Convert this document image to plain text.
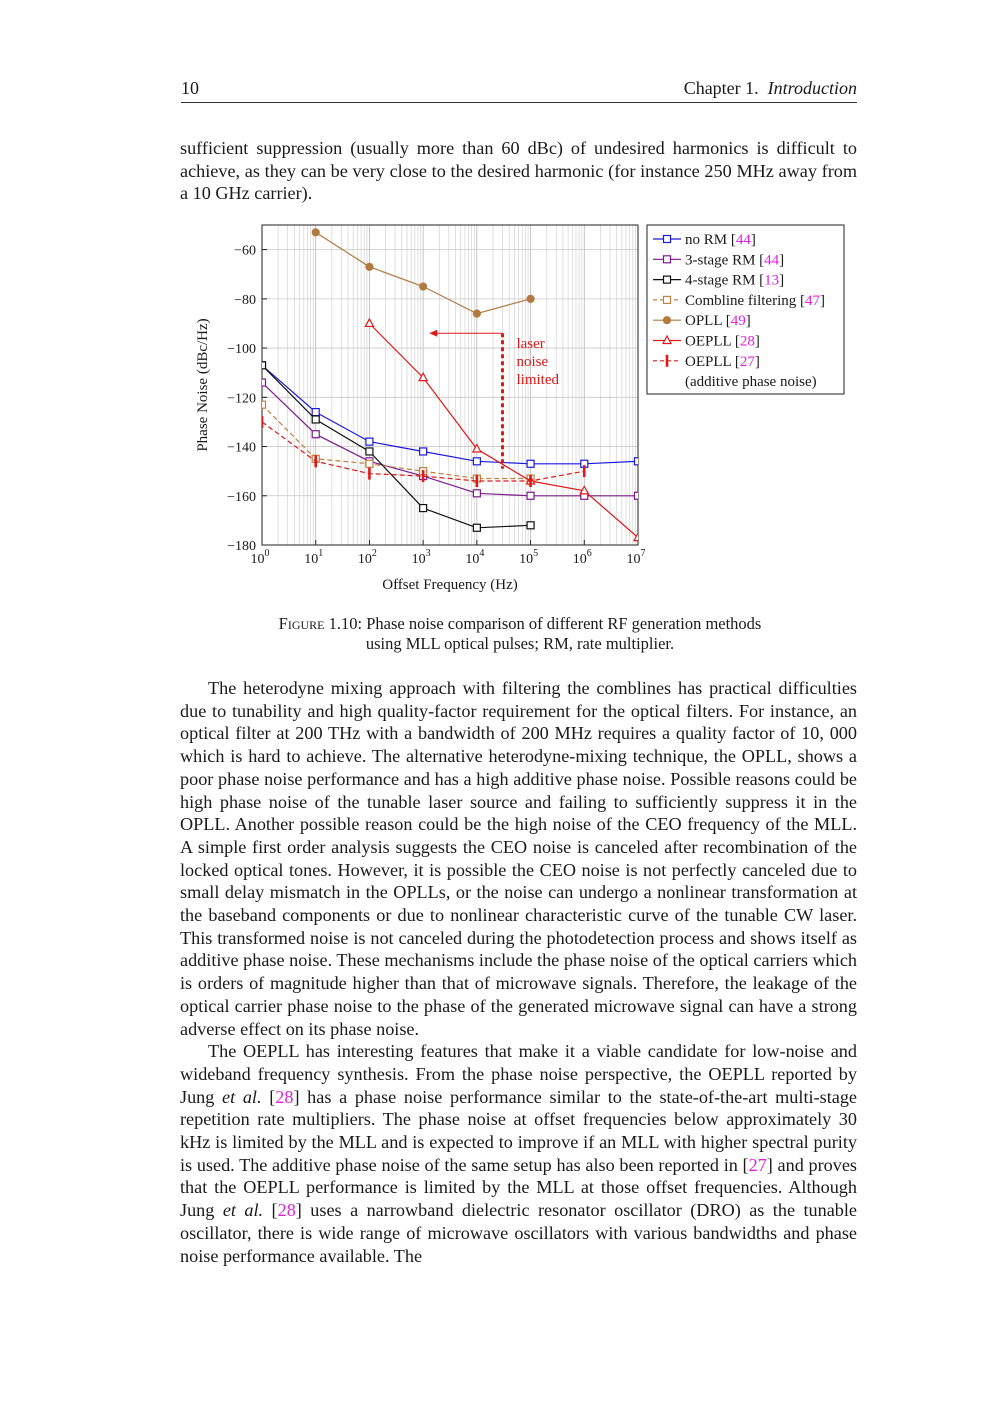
10	Chapter 1. Introduction

sufficient suppression (usually more than 60 dBc) of undesired harmonics is difficult to achieve, as they can be very close to the desired harmonic (for instance 250 MHz away from a 10 GHz carrier).

−60
−80
−100
−120
−140
−160
−180
$10^0$ $10^1$ $10^2$ $10^3$ $10^4$ $10^5$ $10^6$ $10^7$
Offset Frequency (Hz)
Phase Noise (dBc/Hz)	laser
noise
limited
no RM [44]
3-stage RM [44]
4-stage RM [13]
Combline filtering [47]
OPLL [49]
OEPLL [28]
OEPLL [27]
(additive phase noise)
Figure 1.10: Phase noise comparison of different RF generation methods using MLL optical pulses; RM, rate multiplier.

The heterodyne mixing approach with filtering the comblines has practical difficulties due to tunability and high quality-factor requirement for the optical filters. For instance, an optical filter at 200 THz with a bandwidth of 200 MHz requires a quality factor of 10, 000 which is hard to achieve. The alternative heterodyne-mixing technique, the OPLL, shows a poor phase noise performance and has a high additive phase noise. Possible reasons could be high phase noise of the tunable laser source and failing to sufficiently suppress it in the OPLL. Another possible reason could be the high noise of the CEO frequency of the MLL. A simple first order analysis suggests the CEO noise is canceled after recombination of the locked optical tones. However, it is possible the CEO noise is not perfectly canceled due to small delay mismatch in the OPLLs, or the noise can undergo a nonlinear transformation at the baseband components or due to nonlinear characteristic curve of the tunable CW laser. This transformed noise is not canceled during the photodetection process and shows itself as additive phase noise. These mechanisms include the phase noise of the optical carriers which is orders of magnitude higher than that of microwave signals. Therefore, the leakage of the optical carrier phase noise to the phase of the generated microwave signal can have a strong adverse effect on its phase noise.

The OEPLL has interesting features that make it a viable candidate for low-noise and wideband frequency synthesis. From the phase noise perspective, the OEPLL reported by Jung et al. [28] has a phase noise performance similar to the state-of-the-art multi-stage repetition rate multipliers. The phase noise at offset frequencies below approximately 30 kHz is limited by the MLL and is expected to improve if an MLL with higher spectral purity is used. The additive phase noise of the same setup has also been reported in [27] and proves that the OEPLL performance is limited by the MLL at those offset frequencies. Although Jung et al. [28] uses a narrowband dielectric resonator oscillator (DRO) as the tunable oscillator, there is wide range of microwave oscillators with various bandwidths and phase noise performance available. The
